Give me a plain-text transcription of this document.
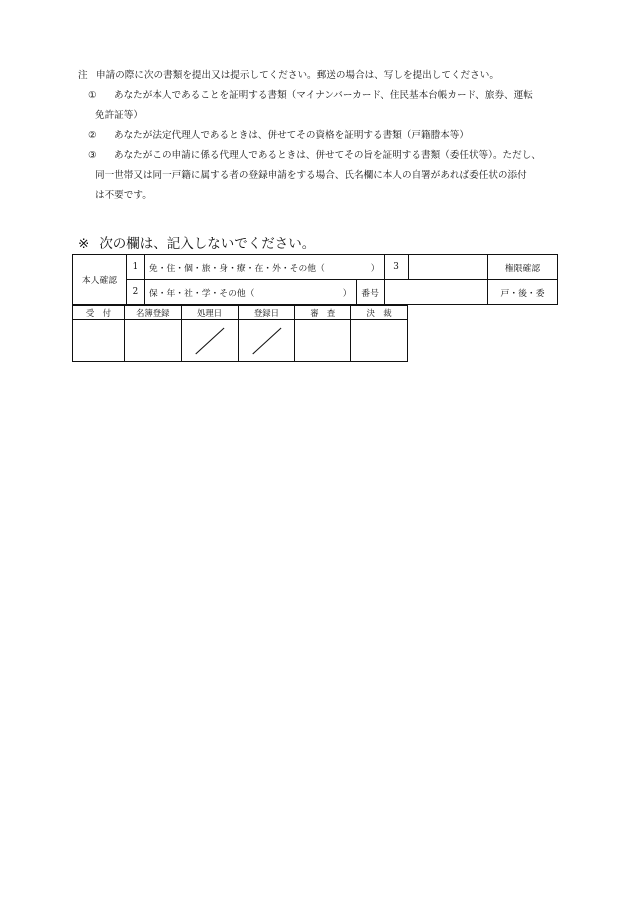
注 申請の際に次の書類を提出又は提示してください。郵送の場合は、写しを提出してください。
①	あなたが本人であることを証明する書類（マイナンバーカード、住民基本台帳カード、旅券、運転
免許証等）
②	あなたが法定代理人であるときは、併せてその資格を証明する書類（戸籍謄本等）
③	あなたがこの申請に係る代理人であるときは、併せてその旨を証明する書類（委任状等）。ただし、
同一世帯又は同一戸籍に属する者の登録申請をする場合、氏名欄に本人の自署があれば委任状の添付
は不要です。
※ 次の欄は、記入しないでください。
本人確認	1	免・住・個・旅・身・療・在・外・その他（ ）		3		権限確認
	2	保・年・社・学・その他（ ）	番号			戸・後・委
受　付	名簿登録	処理日	登録日	審　査	決　裁
